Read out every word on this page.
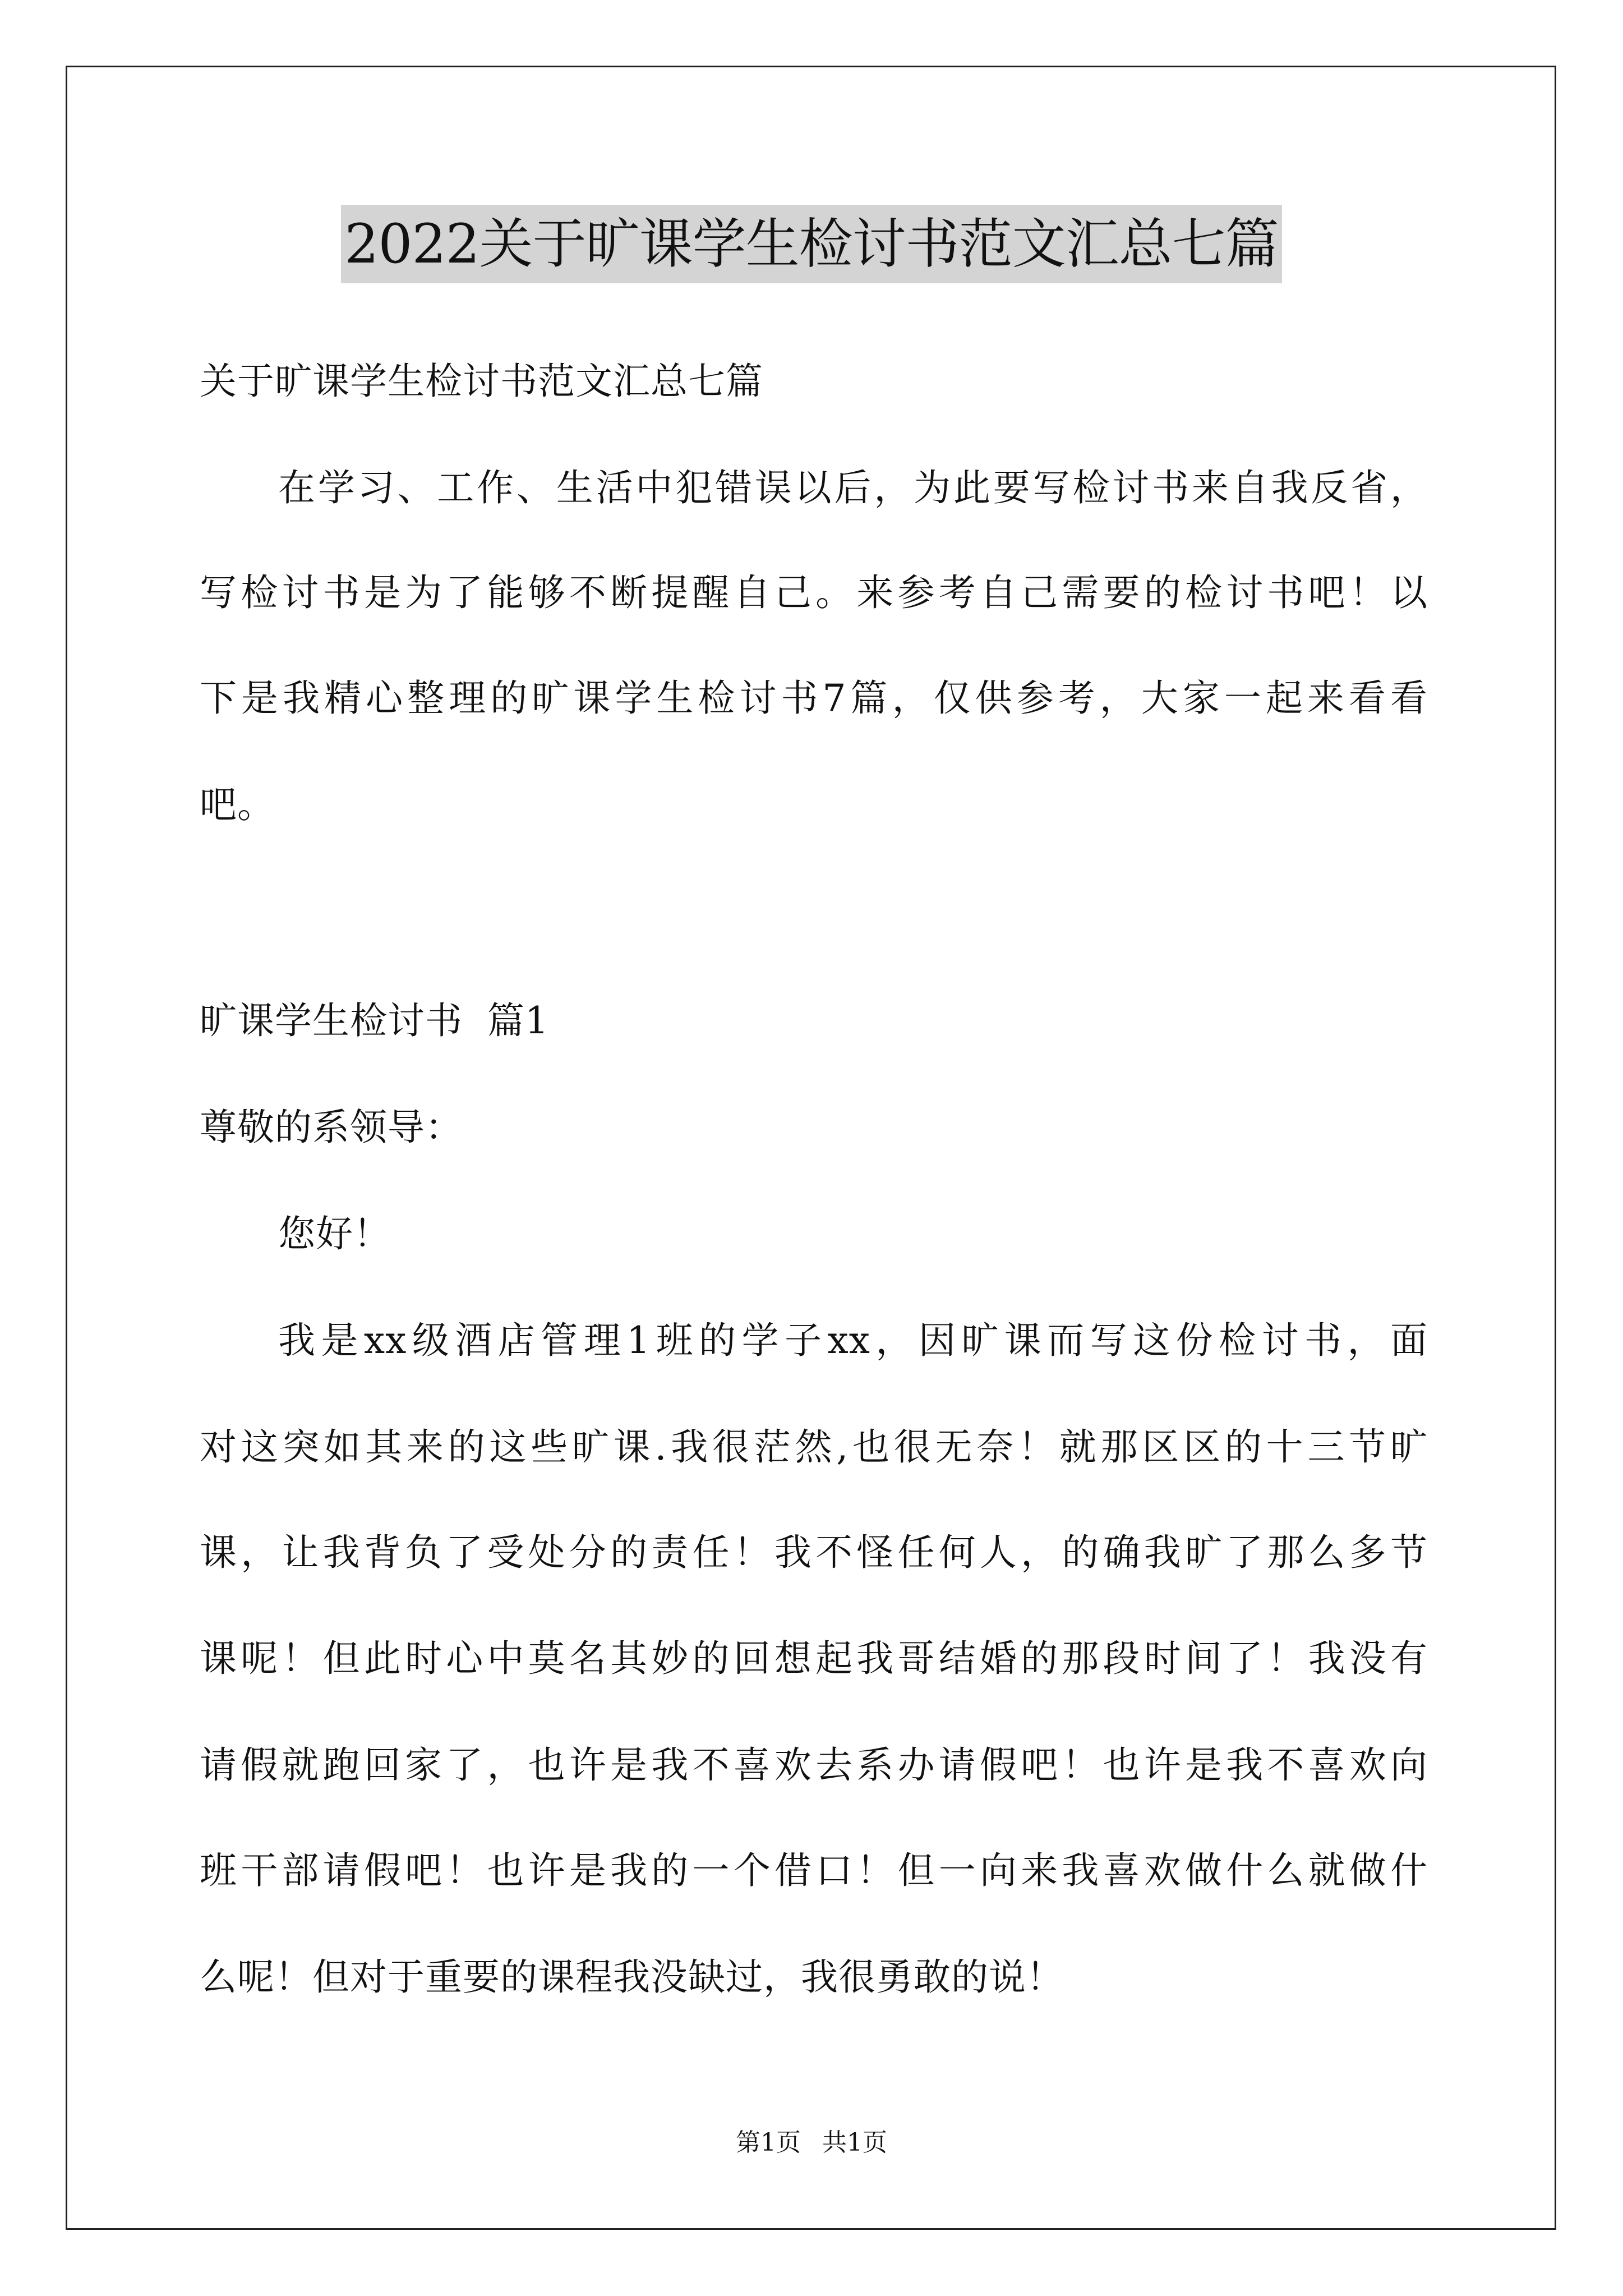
2022关于旷课学生检讨书范文汇总七篇
关于旷课学生检讨书范文汇总七篇
在学习、工作、生活中犯错误以后，为此要写检讨书来自我反省，
写检讨书是为了能够不断提醒自己。来参考自己需要的检讨书吧！以
下是我精心整理的旷课学生检讨书7篇，仅供参考，大家一起来看看
吧。
旷课学生检讨书  篇1
尊敬的系领导：
您好！
我是xx级酒店管理1班的学子xx，因旷课而写这份检讨书，面
对这突如其来的这些旷课.我很茫然,也很无奈！就那区区的十三节旷
课，让我背负了受处分的责任！我不怪任何人，的确我旷了那么多节
课呢！但此时心中莫名其妙的回想起我哥结婚的那段时间了！我没有
请假就跑回家了，也许是我不喜欢去系办请假吧！也许是我不喜欢向
班干部请假吧！也许是我的一个借口！但一向来我喜欢做什么就做什
么呢！但对于重要的课程我没缺过，我很勇敢的说！
第1页 共1页
